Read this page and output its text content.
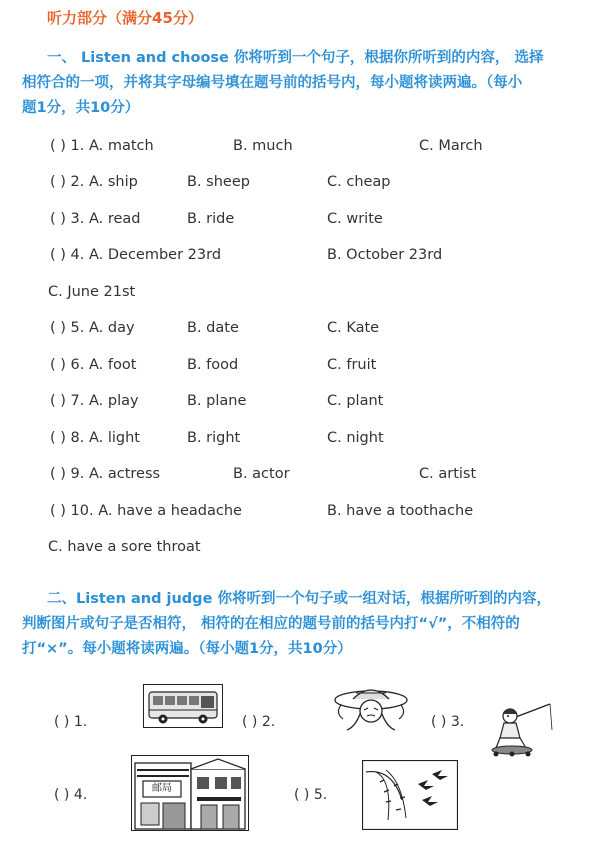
听力部分（满分45分）
一、 Listen and choose 你将听到一个句子，根据你所听到的内容， 选择
相符合的一项，并将其字母编号填在题号前的括号内，每小题将读两遍。（每小
题1分，共10分）
( ) 1. A. match	B. much	C. March
( ) 2. A. ship	B. sheep	C. cheap
( ) 3. A. read	B. ride	C. write
( ) 4. A. December 23rd	B. October 23rd
C. June 21st
( ) 5. A. day	B. date	C. Kate
( ) 6. A. foot	B. food	C. fruit
( ) 7. A. play	B. plane	C. plant
( ) 8. A. light	B. right	C. night
( ) 9. A. actress	B. actor	C. artist
( ) 10. A. have a headache	B. have a toothache
C. have a sore throat
二、Listen and judge 你将听到一个句子或一组对话，根据所听到的内容，
判断图片或句子是否相符， 相符的在相应的题号前的括号内打“√”，不相符的
打“×”。每小题将读两遍。（每小题1分，共10分）
( ) 1.	( ) 2.	( ) 3.
( ) 4.	( ) 5.
邮局
